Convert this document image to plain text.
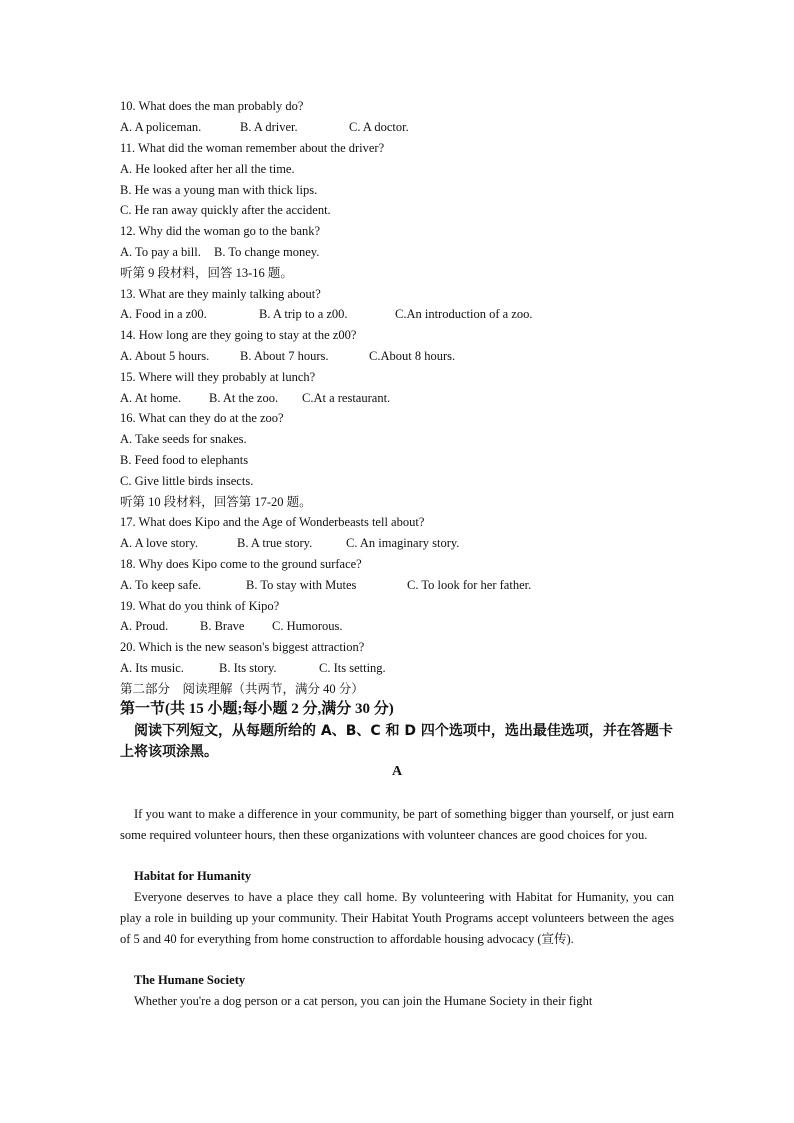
10. What does the man probably do?
A. A policeman.	B. A driver.	C. A doctor.
11. What did the woman remember about the driver?
A. He looked after her all the time.
B. He was a young man with thick lips.
C. He ran away quickly after the accident.
12. Why did the woman go to the bank?
A. To pay a bill. B. To change money.
听第 9 段材料，回答 13-16 题。
13. What are they mainly talking about?
A. Food in a z00.	B. A trip to a z00.	C.An introduction of a zoo.
14. How long are they going to stay at the z00?
A. About 5 hours. B. About 7 hours.	C.About 8 hours.
15. Where will they probably at lunch?
A. At home. B. At the zoo. C.At a restaurant.
16. What can they do at the zoo?
A. Take seeds for snakes.
B. Feed food to elephants
C. Give little birds insects.
听第 10 段材料，回答第 17-20 题。
17. What does Kipo and the Age of Wonderbeasts tell about?
A. A love story.	B. A true story.	C. An imaginary story.
18. Why does Kipo come to the ground surface?
A. To keep safe.	B. To stay with Mutes	C. To look for her father.
19. What do you think of Kipo?
A. Proud.	B. Brave C. Humorous.
20. Which is the new season's biggest attraction?
A. Its music.	B. Its story.	C. Its setting.
第二部分　阅读理解（共两节，满分 40 分）
第一节(共 15 小题;每小题 2 分,满分 30 分)
阅读下列短文，从每题所给的 A、B、C 和 D 四个选项中，选出最佳选项，并在答题卡上将该项涂黑。
A
If you want to make a difference in your community, be part of something bigger than yourself, or just earn some required volunteer hours, then these organizations with volunteer chances are good choices for you.
Habitat for Humanity
Everyone deserves to have a place they call home. By volunteering with Habitat for Humanity, you can play a role in building up your community. Their Habitat Youth Programs accept volunteers between the ages of 5 and 40 for everything from home construction to affordable housing advocacy (宣传).
The Humane Society
Whether you're a dog person or a cat person, you can join the Humane Society in their fight
